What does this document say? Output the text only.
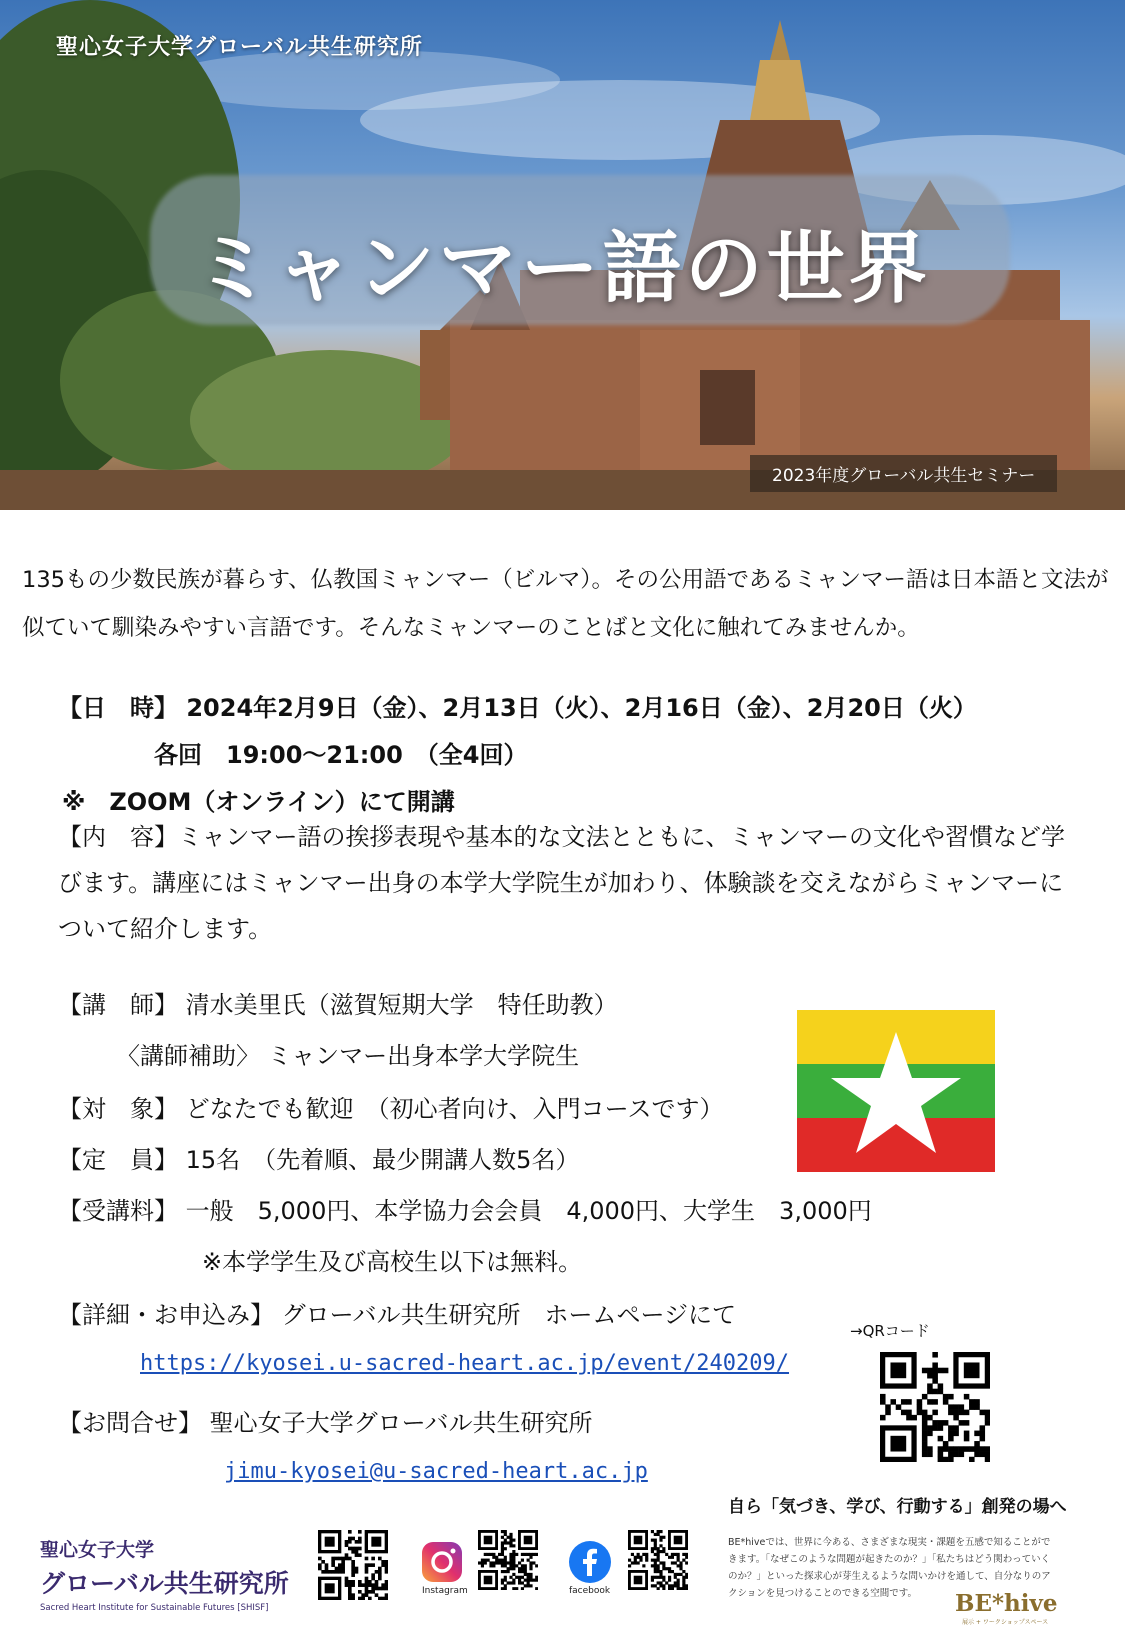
聖心女子大学グローバル共生研究所
ミャンマー語の世界
2023年度グローバル共生セミナー
135もの少数民族が暮らす、仏教国ミャンマー（ビルマ）。その公用語であるミャンマー語は日本語と文法が似ていて馴染みやすい言語です。そんなミャンマーのことばと文化に触れてみませんか。
【日　時】 2024年2月9日（金）、2月13日（火）、2月16日（金）、2月20日（火）
各回　19:00～21:00　（全4回）
※　ZOOM（オンライン）にて開講
【内　容】ミャンマー語の挨拶表現や基本的な文法とともに、ミャンマーの文化や習慣など学びます。講座にはミャンマー出身の本学大学院生が加わり、体験談を交えながらミャンマーについて紹介します。
【講　師】 清水美里氏（滋賀短期大学　特任助教）
〈講師補助〉 ミャンマー出身本学大学院生
【対　象】 どなたでも歓迎　（初心者向け、入門コースです）
【定　員】 15名　（先着順、最少開講人数5名）
【受講料】 一般　5,000円、本学協力会会員　4,000円、大学生　3,000円
※本学学生及び高校生以下は無料。
【詳細・お申込み】 グローバル共生研究所　ホームページにて
https://kyosei.u-sacred-heart.ac.jp/event/240209/
【お問合せ】 聖心女子大学グローバル共生研究所
jimu-kyosei@u-sacred-heart.ac.jp
→QRコード
聖心女子大学
グローバル共生研究所
Sacred Heart Institute for Sustainable Futures [SHISF]
Instagram	facebook
自ら「気づき、学び、行動する」創発の場へ
BE*hiveでは、世界に今ある、さまざまな現実・課題を五感で知ることができます。「なぜこのような問題が起きたのか？」「私たちはどう関わっていくのか？」といった探求心が芽生えるような問いかけを通して、自分なりのアクションを見つけることのできる空間です。	BE*hive
展示 + ワークショップスペース
